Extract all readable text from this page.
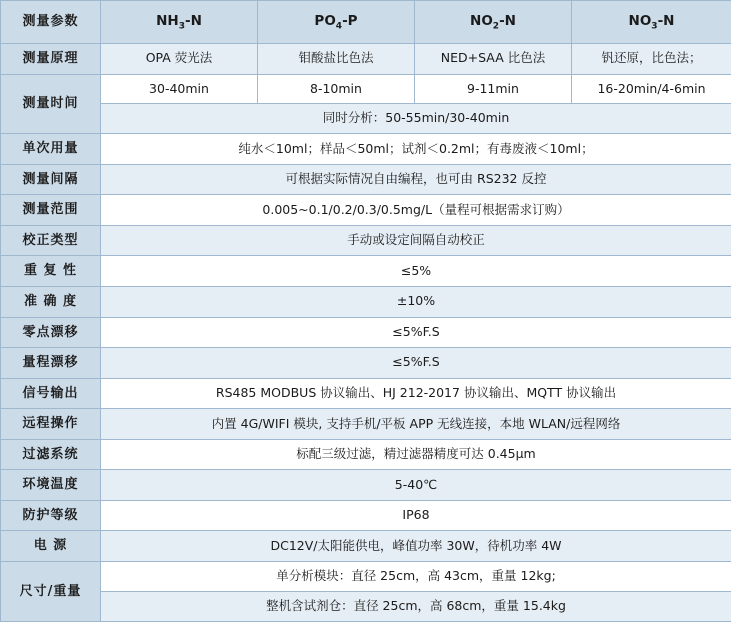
测量参数	$NH_3-N$	$PO_4-P$	$NO_2-N$	$NO_3-N$
测量原理	OPA 荧光法	钼酸盐比色法	NED+SAA 比色法	钒还原，比色法；
测量时间	30-40min	8-10min	9-11min	16-20min/4-6min
	同时分析：50-55min/30-40min			
单次用量	纯水＜10ml；样品＜50ml；试剂＜0.2ml；有毒废液＜10ml；			
测量间隔	可根据实际情况自由编程，也可由 RS232 反控			
测量范围	0.005~0.1/0.2/0.3/0.5mg/L（量程可根据需求订购）			
校正类型	手动或设定间隔自动校正			
重 复 性	≤5%			
准 确 度	±10%			
零点漂移	≤5%F.S			
量程漂移	≤5%F.S			
信号输出	RS485 MODBUS 协议输出、HJ 212-2017 协议输出、MQTT 协议输出			
远程操作	内置 4G/WIFI 模块, 支持手机/平板 APP 无线连接，本地 WLAN/远程网络			
过滤系统	标配三级过滤，精过滤器精度可达 0.45μm			
环境温度	5-40℃			
防护等级	IP68			
电 源	DC12V/太阳能供电，峰值功率 30W，待机功率 4W			
尺寸/重量	单分析模块：直径 25cm，高 43cm，重量 12kg;			
	整机含试剂仓：直径 25cm，高 68cm，重量 15.4kg			
